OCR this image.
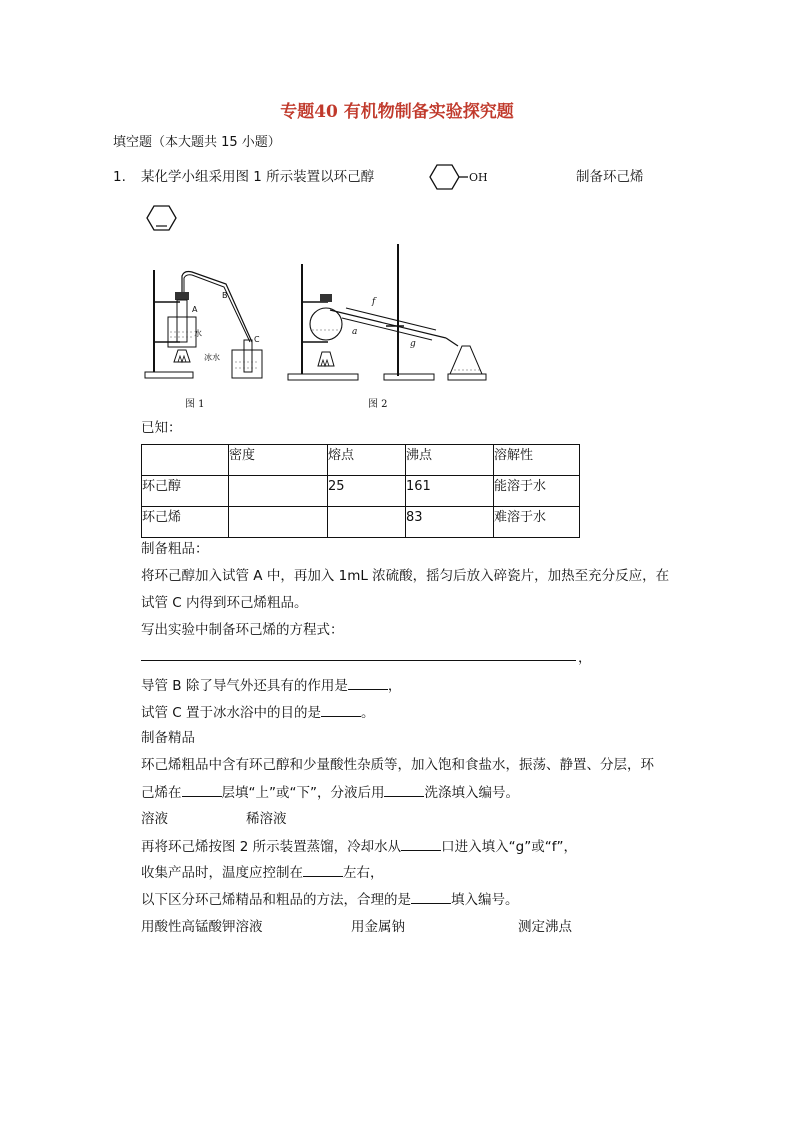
专题40 有机物制备实验探究题
填空题（本大题共 15 小题）
1. 某化学小组采用图 1 所示装置以环己醇	OH	制备环己烯
A
B
C
水
冰水
图 1
f
a
g
图 2
已知：
	密度	熔点	沸点	溶解性
环己醇		25	161	能溶于水
环己烯			83	难溶于水
制备粗品：
将环己醇加入试管 A 中，再加入 1mL 浓硫酸，摇匀后放入碎瓷片，加热至充分反应，在
试管 C 内得到环己烯粗品。
写出实验中制备环己烯的方程式：
，
导管 B 除了导气外还具有的作用是	，
试管 C 置于冰水浴中的目的是	。
制备精品
环己烯粗品中含有环己醇和少量酸性杂质等，加入饱和食盐水，振荡、静置、分层，环
己烯在	层填“上”或“下”，分液后用	洗涤填入编号。
溶液	稀溶液
再将环己烯按图 2 所示装置蒸馏，冷却水从	口进入填入“g”或“f”，
收集产品时，温度应控制在	左右，
以下区分环己烯精品和粗品的方法，合理的是	填入编号。
用酸性高锰酸钾溶液	用金属钠	测定沸点
